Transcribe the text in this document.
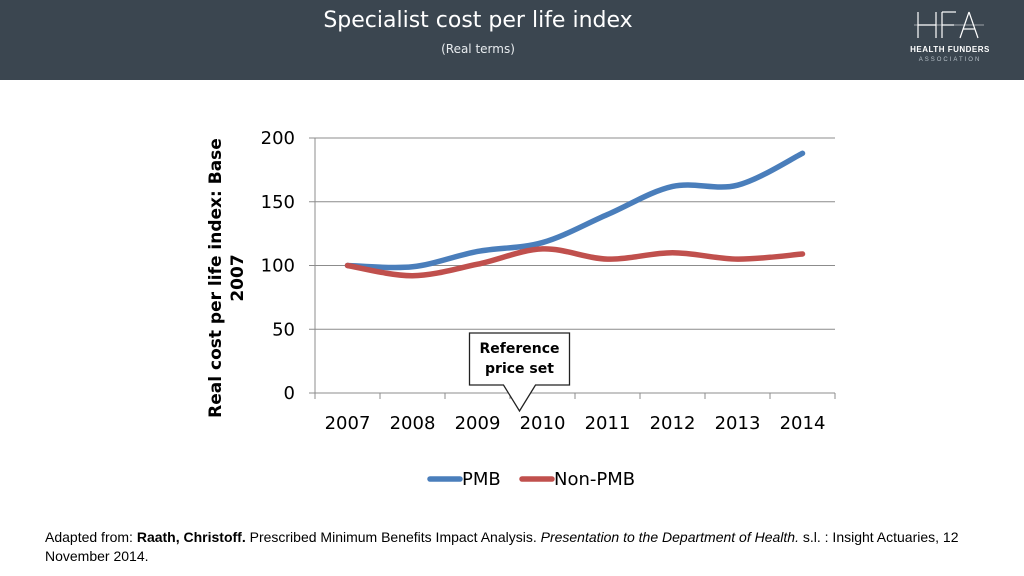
Specialist cost per life index
(Real terms)	HEALTH FUNDERS
ASSOCIATION
0
50
100
150
200
2007 2008 2009 2010 2011 2012 2013 2014
Reference
price set
Real cost per life index: Base 2007
PMB	Non-PMB
Adapted from: Raath, Christoff. Prescribed Minimum Benefits Impact Analysis. Presentation to the Department of Health. s.l. : Insight Actuaries, 12 November 2014.
